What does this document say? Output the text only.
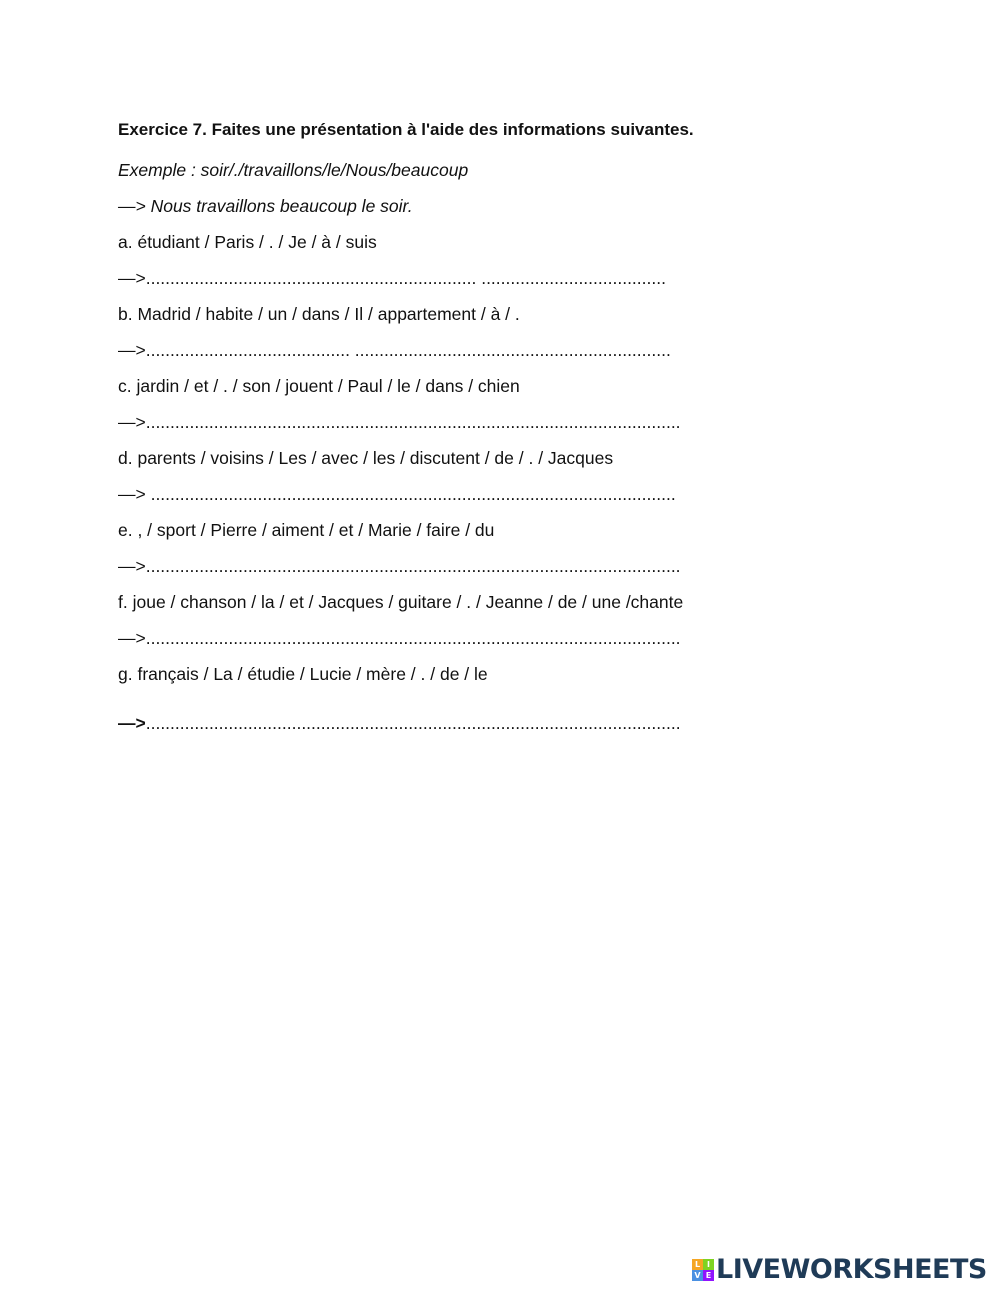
Exercice 7. Faites une présentation à l'aide des informations suivantes.
Exemple : soir/./travaillons/le/Nous/beaucoup
—> Nous travaillons beaucoup le soir.
a. étudiant / Paris / . / Je / à / suis
—>.................................................................... ......................................
b. Madrid / habite / un / dans / Il / appartement / à / .
—>.......................................... .................................................................
c. jardin / et / . / son / jouent / Paul / le / dans / chien
—>..............................................................................................................
d. parents / voisins / Les / avec / les / discutent / de / . / Jacques
—> ............................................................................................................
e. , / sport / Pierre / aiment / et / Marie / faire / du
—>..............................................................................................................
f. joue / chanson / la / et / Jacques / guitare / . / Jeanne / de / une /chante
—>..............................................................................................................
g. français / La / étudie / Lucie / mère / . / de / le
—>..............................................................................................................
L I
V E LIVEWORKSHEETS
